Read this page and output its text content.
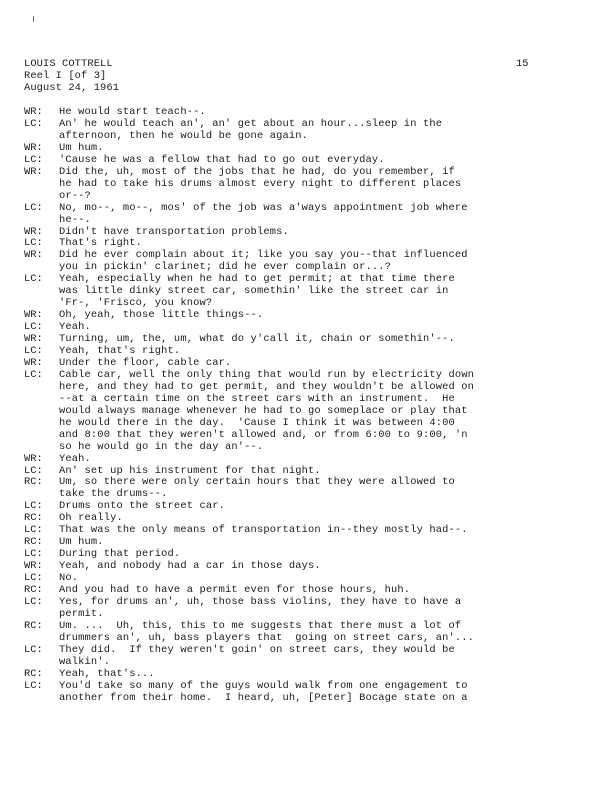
LOUIS COTTRELL
Reel I [of 3]
August 24, 1961
15
WR:	He would start teach--.
LC:	An' he would teach an', an' get about an hour...sleep in the
afternoon, then he would be gone again.
WR:	Um hum.
LC:	'Cause he was a fellow that had to go out everyday.
WR:	Did the, uh, most of the jobs that he had, do you remember, if
he had to take his drums almost every night to different places
or--?
LC:	No, mo--, mo--, mos' of the job was a'ways appointment job where
he--.
WR:	Didn't have transportation problems.
LC:	That's right.
WR:	Did he ever complain about it; like you say you--that influenced
you in pickin' clarinet; did he ever complain or...?
LC:	Yeah, especially when he had to get permit; at that time there
was little dinky street car, somethin' like the street car in
'Fr-, 'Frisco, you know?
WR:	Oh, yeah, those little things--.
LC:	Yeah.
WR:	Turning, um, the, um, what do y'call it, chain or somethin'--.
LC:	Yeah, that's right.
WR:	Under the floor, cable car.
LC:	Cable car, well the only thing that would run by electricity down
here, and they had to get permit, and they wouldn't be allowed on
--at a certain time on the street cars with an instrument.  He
would always manage whenever he had to go someplace or play that
he would there in the day.  'Cause I think it was between 4:00
and 8:00 that they weren't allowed and, or from 6:00 to 9:00, 'n
so he would go in the day an'--.
WR:	Yeah.
LC:	An' set up his instrument for that night.
RC:	Um, so there were only certain hours that they were allowed to
take the drums--.
LC:	Drums onto the street car.
RC:	Oh really.
LC:	That was the only means of transportation in--they mostly had--.
RC:	Um hum.
LC:	During that period.
WR:	Yeah, and nobody had a car in those days.
LC:	No.
RC:	And you had to have a permit even for those hours, huh.
LC:	Yes, for drums an', uh, those bass violins, they have to have a
permit.
RC:	Um. ...  Uh, this, this to me suggests that there must a lot of
drummers an', uh, bass players that  going on street cars, an'...
LC:	They did.  If they weren't goin' on street cars, they would be
walkin'.
RC:	Yeah, that's...
LC:	You'd take so many of the guys would walk from one engagement to
another from their home.  I heard, uh, [Peter] Bocage state on a
